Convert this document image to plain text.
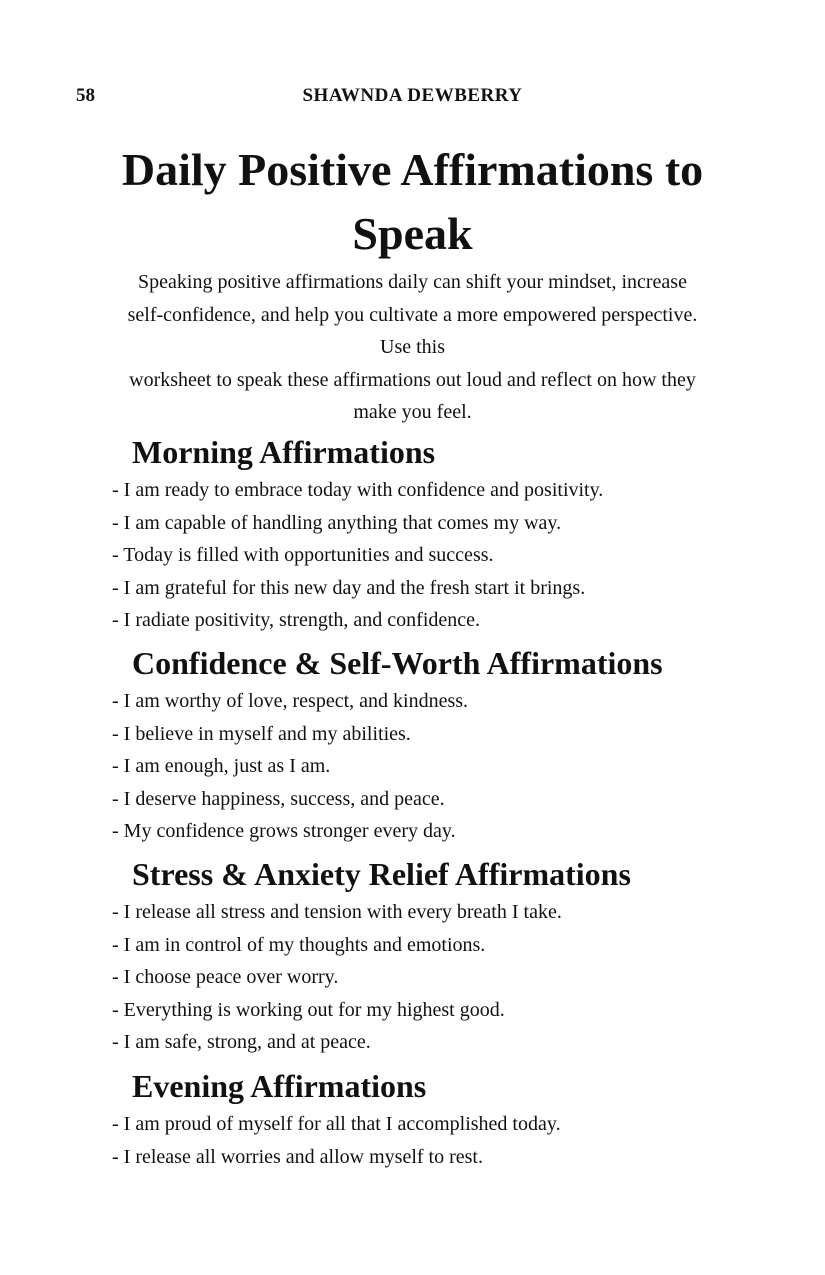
58	SHAWNDA DEWBERRY
Daily Positive Affirmations to Speak

Speaking positive affirmations daily can shift your mindset, increase
self-confidence, and help you cultivate a more empowered perspective.
Use this
worksheet to speak these affirmations out loud and reflect on how they
make you feel.

Morning Affirmations
- I am ready to embrace today with confidence and positivity.
- I am capable of handling anything that comes my way.
- Today is filled with opportunities and success.
- I am grateful for this new day and the fresh start it brings.
- I radiate positivity, strength, and confidence.
Confidence & Self-Worth Affirmations
- I am worthy of love, respect, and kindness.
- I believe in myself and my abilities.
- I am enough, just as I am.
- I deserve happiness, success, and peace.
- My confidence grows stronger every day.
Stress & Anxiety Relief Affirmations
- I release all stress and tension with every breath I take.
- I am in control of my thoughts and emotions.
- I choose peace over worry.
- Everything is working out for my highest good.
- I am safe, strong, and at peace.
Evening Affirmations
- I am proud of myself for all that I accomplished today.
- I release all worries and allow myself to rest.
